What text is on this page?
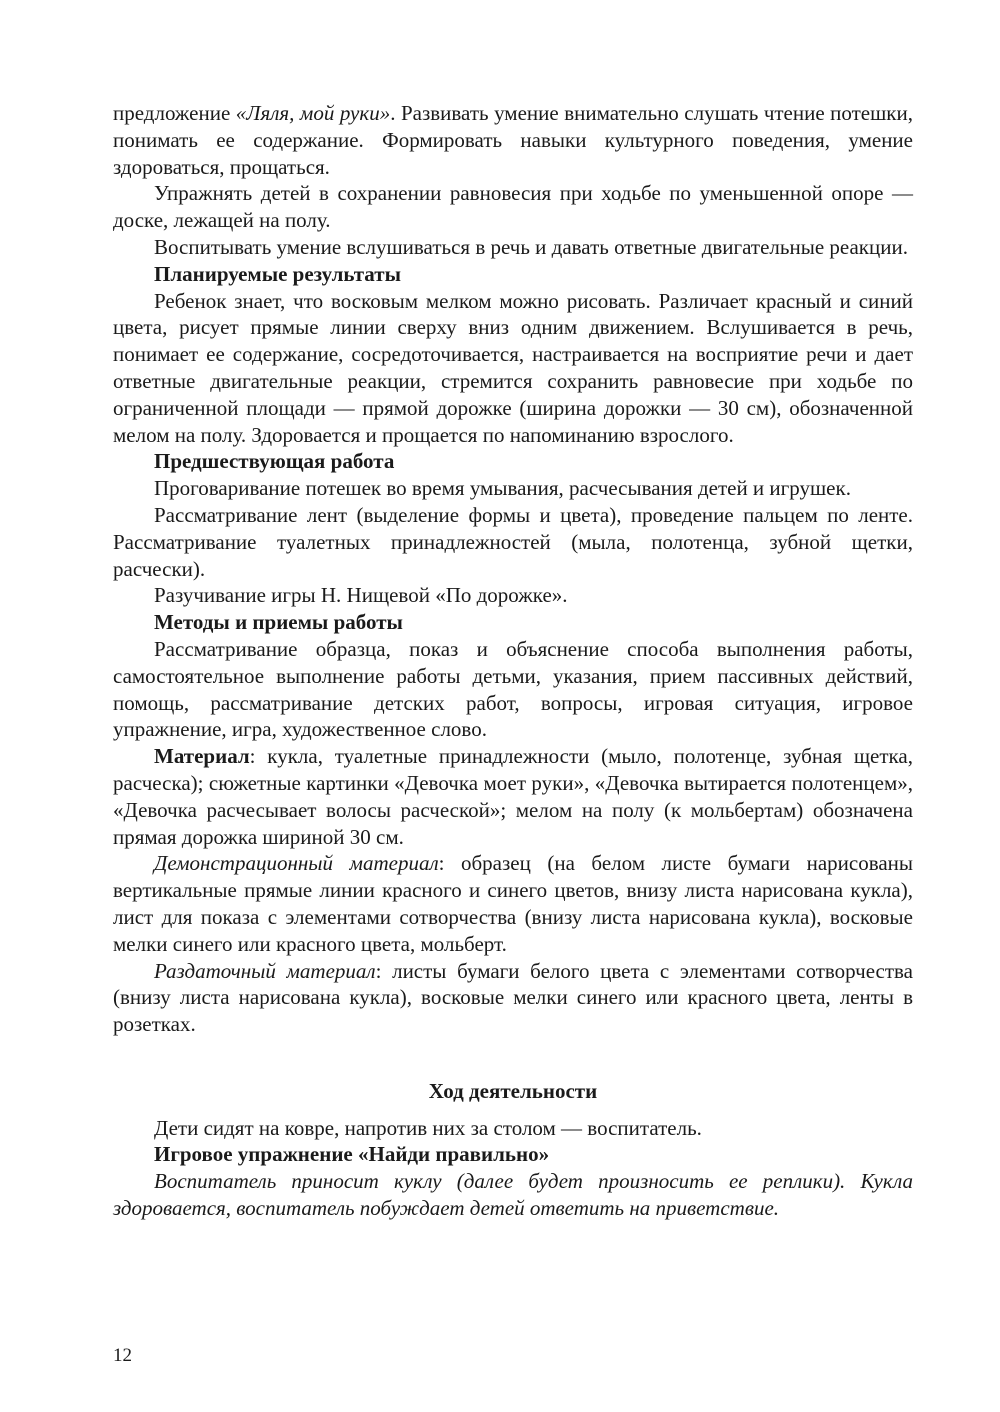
предложение «Ляля, мой руки». Развивать умение внимательно слушать чтение потешки, понимать ее содержание. Формировать навыки культурного поведения, умение здороваться, прощаться.

Упражнять детей в сохранении равновесия при ходьбе по уменьшенной опоре — доске, лежащей на полу.

Воспитывать умение вслушиваться в речь и давать ответные двигательные реакции.

Планируемые результаты

Ребенок знает, что восковым мелком можно рисовать. Различает красный и синий цвета, рисует прямые линии сверху вниз одним движением. Вслушивается в речь, понимает ее содержание, сосредоточивается, настраивается на восприятие речи и дает ответные двигательные реакции, стремится сохранить равновесие при ходьбе по ограниченной площади — прямой дорожке (ширина дорожки — 30 см), обозначенной мелом на полу. Здоровается и прощается по напоминанию взрослого.

Предшествующая работа

Проговаривание потешек во время умывания, расчесывания детей и игрушек.

Рассматривание лент (выделение формы и цвета), проведение пальцем по ленте. Рассматривание туалетных принадлежностей (мыла, полотенца, зубной щетки, расчески).

Разучивание игры Н. Нищевой «По дорожке».

Методы и приемы работы

Рассматривание образца, показ и объяснение способа выполнения работы, самостоятельное выполнение работы детьми, указания, прием пассивных действий, помощь, рассматривание детских работ, вопросы, игровая ситуация, игровое упражнение, игра, художественное слово.

Материал: кукла, туалетные принадлежности (мыло, полотенце, зубная щетка, расческа); сюжетные картинки «Девочка моет руки», «Девочка вытирается полотенцем», «Девочка расчесывает волосы расческой»; мелом на полу (к мольбертам) обозначена прямая дорожка шириной 30 см.

Демонстрационный материал: образец (на белом листе бумаги нарисованы вертикальные прямые линии красного и синего цветов, внизу листа нарисована кукла), лист для показа с элементами сотворчества (внизу листа нарисована кукла), восковые мелки синего или красного цвета, мольберт.

Раздаточный материал: листы бумаги белого цвета с элементами сотворчества (внизу листа нарисована кукла), восковые мелки синего или красного цвета, ленты в розетках.

Ход деятельности

Дети сидят на ковре, напротив них за столом — воспитатель.

Игровое упражнение «Найди правильно»

Воспитатель приносит куклу (далее будет произносить ее реплики). Кукла здоровается, воспитатель побуждает детей ответить на приветствие.

12
